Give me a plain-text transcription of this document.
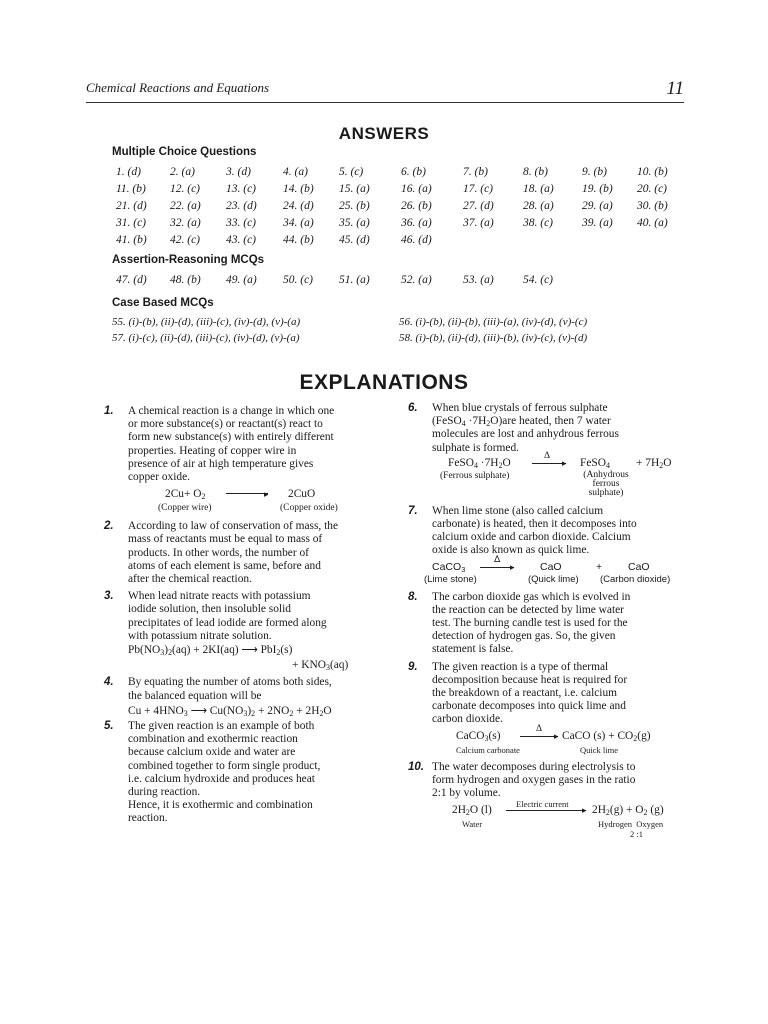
Chemical Reactions and Equations	11
ANSWERS
Multiple Choice Questions
1. (d)	2. (a)	3. (d)	4. (a)	5. (c)	6. (b)	7. (b)	8. (b)	9. (b)	10. (b)
11. (b) 12. (c) 13. (c) 14. (b) 15. (a)	16. (a)	17. (c)	18. (a) 19. (b) 20. (c)
21. (d) 22. (a) 23. (d) 24. (d) 25. (b)	26. (b)	27. (d)	28. (a) 29. (a) 30. (b)
31. (c) 32. (a) 33. (c) 34. (a) 35. (a)	36. (a)	37. (a)	38. (c)	39. (a) 40. (a)
41. (b) 42. (c) 43. (c) 44. (b) 45. (d)	46. (d)
Assertion-Reasoning MCQs
47. (d) 48. (b) 49. (a) 50. (c) 51. (a)	52. (a)	53. (a)	54. (c)
Case Based MCQs
55. (i)-(b), (ii)-(d), (iii)-(c), (iv)-(d), (v)-(a)	56. (i)-(b), (ii)-(b), (iii)-(a), (iv)-(d), (v)-(c)
57. (i)-(c), (ii)-(d), (iii)-(c), (iv)-(d), (v)-(a)	58. (i)-(b), (ii)-(d), (iii)-(b), (iv)-(c), (v)-(d)
EXPLANATIONS
1. A chemical reaction is a change in which one
or more substance(s) or reactant(s) react to
form new substance(s) with entirely different
properties. Heating of copper wire in
presence of air at high temperature gives
copper oxide.
$2Cu+ O_2$	▸ 2CuO
(Copper wire)	(Copper oxide)
2. According to law of conservation of mass, the
mass of reactants must be equal to mass of
products. In other words, the number of
atoms of each element is same, before and
after the chemical reaction.
3. When lead nitrate reacts with potassium
iodide solution, then insoluble solid
precipitates of lead iodide are formed along
with potassium nitrate solution.
$Pb(NO_3)_2(aq) + 2KI(aq)$ ⟶ PbI$_2$(s)
+ $KNO_3(aq)$
4. By equating the number of atoms both sides,
the balanced equation will be
$Cu + 4HNO_3$ ⟶ $Cu(NO_3)_2 + 2NO_2 + 2H_2O$
5. The given reaction is an example of both
combination and exothermic reaction
because calcium oxide and water are
combined together to form single product,
i.e. calcium hydroxide and produces heat
during reaction.
Hence, it is exothermic and combination
reaction.
6. When blue crystals of ferrous sulphate
(FeSO$_4$ $\cdot 7H_2O)are$ heated, then 7 water
molecules are lost and anhydrous ferrous
sulphate is formed.
FeSO$_4$ $\cdot 7H_2O$
Δ
▸ FeSO$_4$ + $7H_2O$
(Ferrous sulphate)	(Anhydrous ferrous sulphate)
7. When lime stone (also called calcium
carbonate) is heated, then it decomposes into
calcium oxide and carbon dioxide. Calcium
oxide is also known as quick lime.
CaCO$_3$
Δ
▸ CaO	+ CaO
(Lime stone)	(Quick lime) (Carbon dioxide)
8. The carbon dioxide gas which is evolved in
the reaction can be detected by lime water
test. The burning candle test is used for the
detection of hydrogen gas. So, the given
statement is false.
9. The given reaction is a type of thermal
decomposition because heat is required for
the breakdown of a reactant, i.e. calcium
carbonate decomposes into quick lime and
carbon dioxide.
CaCO$_3$(s)
Δ
▸ CaCO $(s) + CO_2(g)$
Calcium carbonate	Quick lime
10. The water decomposes during electrolysis to
form hydrogen and oxygen gases in the ratio
2:1 by volume.
$2H_2O$ (l)	Electric current
▸ $2H_2(g) + O_2$ (g)
Water	Hydrogen  Oxygen
2 :1
